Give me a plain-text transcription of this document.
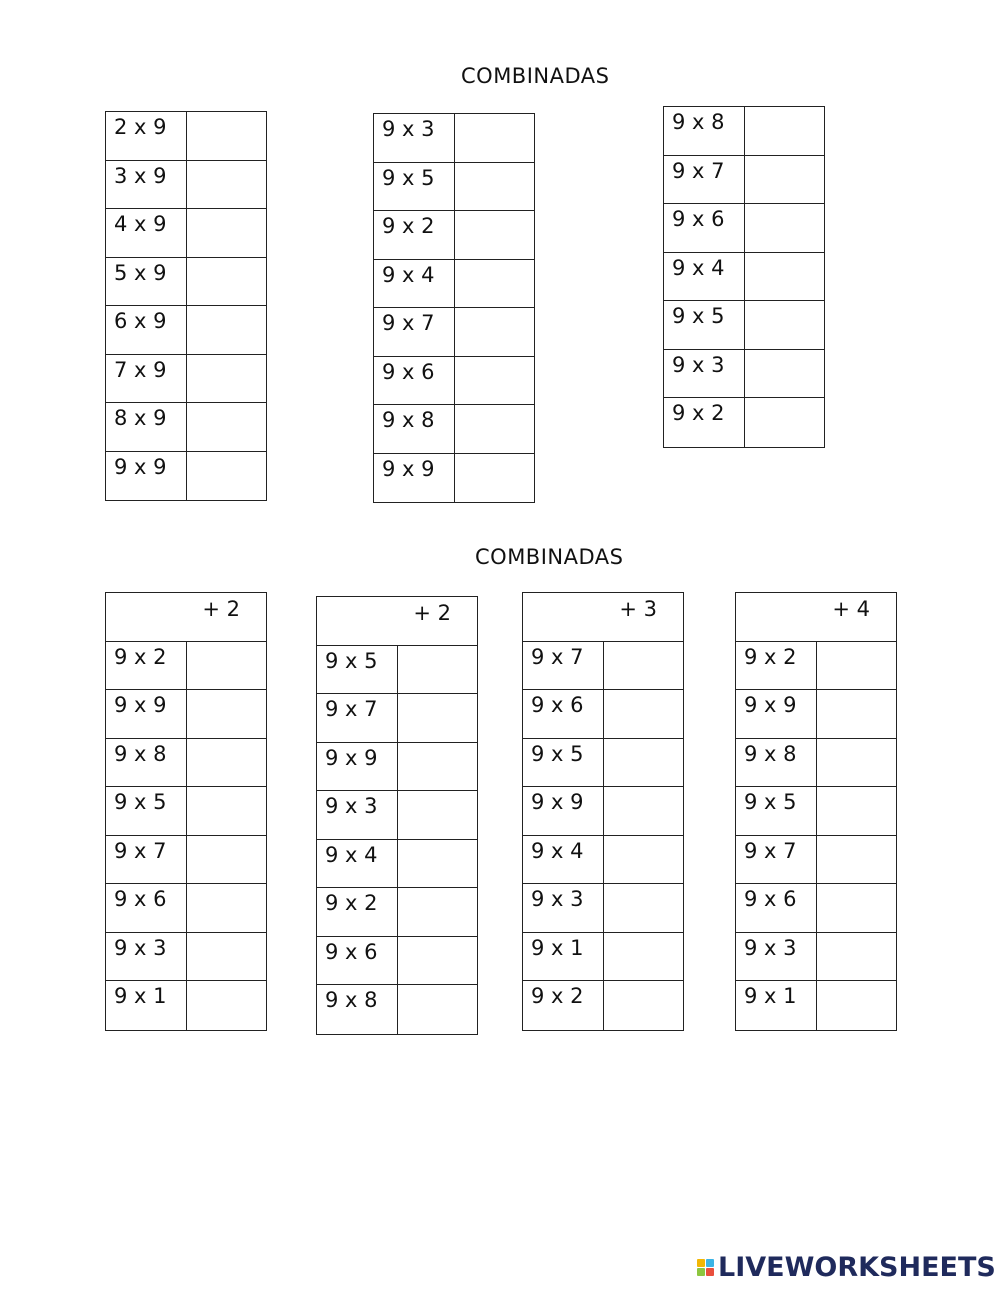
COMBINADAS
2 x 9
3 x 9
4 x 9
5 x 9
6 x 9
7 x 9
8 x 9
9 x 9
9 x 3
9 x 5
9 x 2
9 x 4
9 x 7
9 x 6
9 x 8
9 x 9
9 x 8
9 x 7
9 x 6
9 x 4
9 x 5
9 x 3
9 x 2
COMBINADAS
+ 2
9 x 2
9 x 9
9 x 8
9 x 5
9 x 7
9 x 6
9 x 3
9 x 1
+ 2
9 x 5
9 x 7
9 x 9
9 x 3
9 x 4
9 x 2
9 x 6
9 x 8
+ 3
9 x 7
9 x 6
9 x 5
9 x 9
9 x 4
9 x 3
9 x 1
9 x 2
+ 4
9 x 2
9 x 9
9 x 8
9 x 5
9 x 7
9 x 6
9 x 3
9 x 1
LIVEWORKSHEETS
